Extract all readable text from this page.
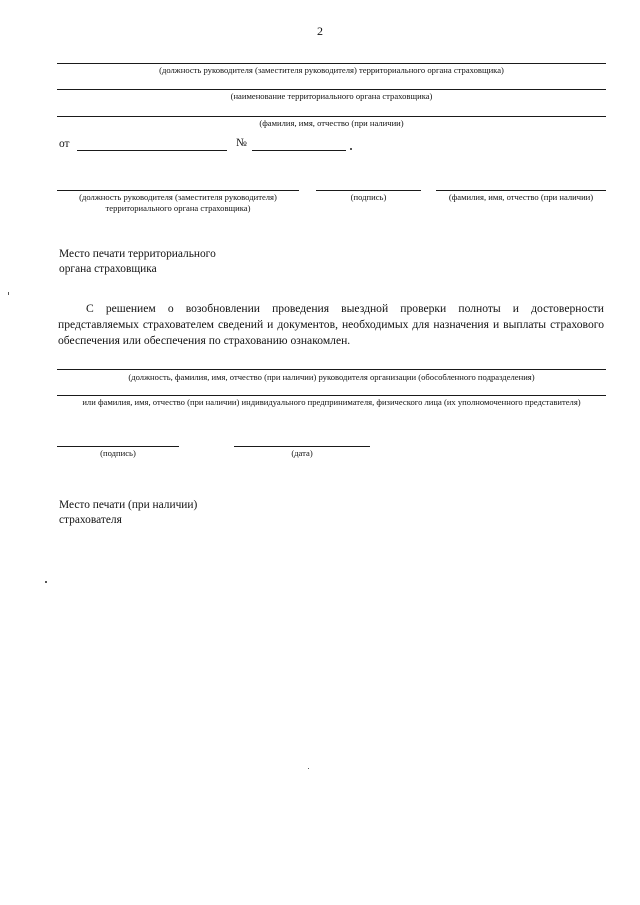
2
(должность руководителя (заместителя руководителя) территориального органа страховщика)
(наименование территориального органа страховщика)
(фамилия, имя, отчество (при наличии)
от	№
(должность руководителя (заместителя руководителя) территориального органа страховщика)
(подпись)	(фамилия, имя, отчество (при наличии)
Место печати территориального органа страховщика
С решением о возобновлении проведения выездной проверки полноты и достоверности представляемых страхователем сведений и документов, необходимых для назначения и выплаты страхового обеспечения или обеспечения по страхованию ознакомлен.
(должность, фамилия, имя, отчество (при наличии) руководителя организации (обособленного подразделения)
или фамилия, имя, отчество (при наличии) индивидуального предпринимателя, физического лица (их уполномоченного представителя)
(подпись)	(дата)
Место печати (при наличии) страхователя
